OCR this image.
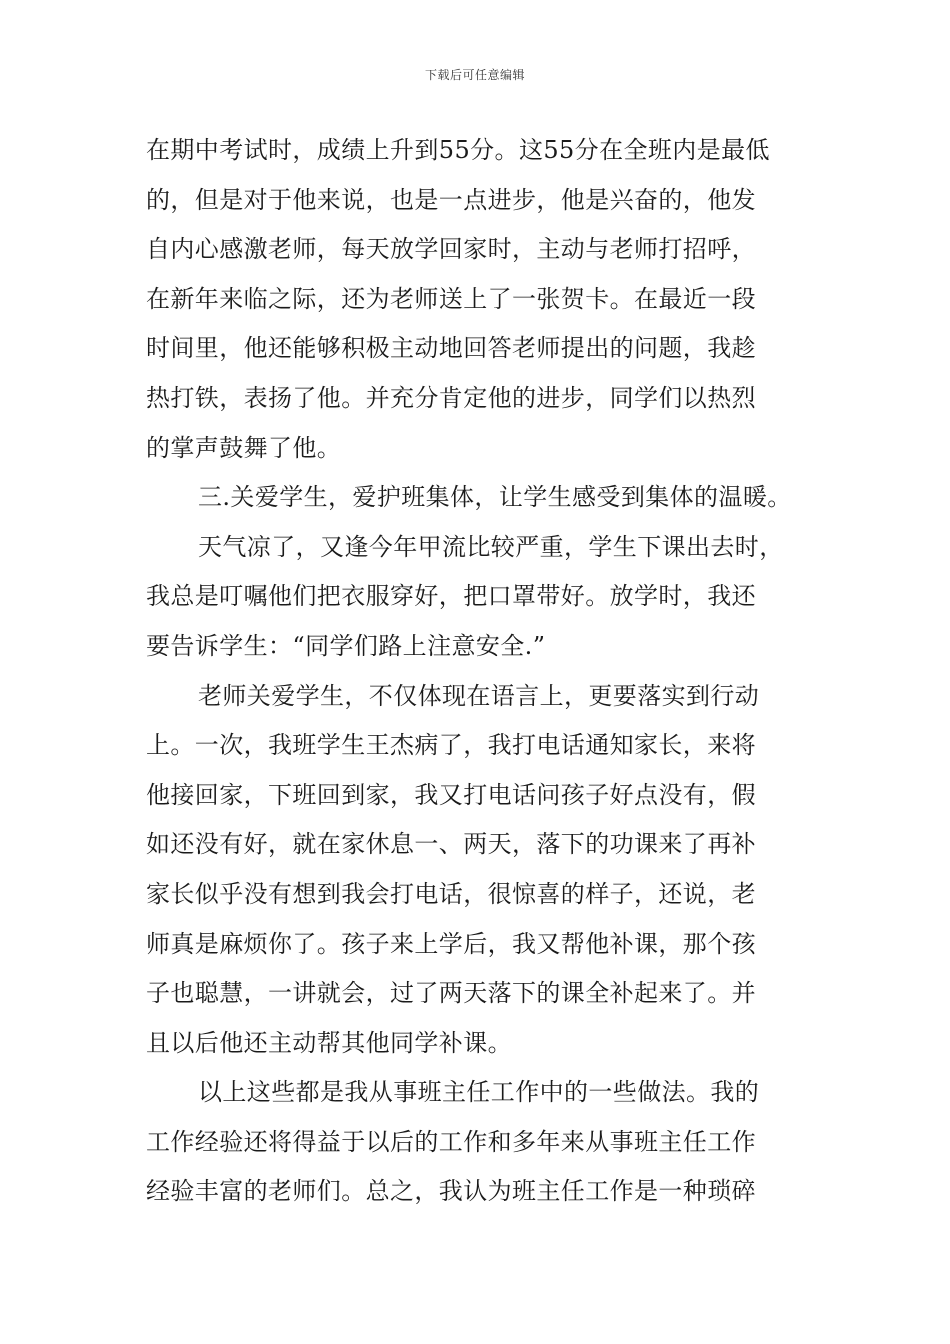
下载后可任意编辑
在期中考试时，成绩上升到55分。这55分在全班内是最低
的，但是对于他来说，也是一点进步，他是兴奋的，他发
自内心感激老师，每天放学回家时，主动与老师打招呼，
在新年来临之际，还为老师送上了一张贺卡。在最近一段
时间里，他还能够积极主动地回答老师提出的问题，我趁
热打铁，表扬了他。并充分肯定他的进步，同学们以热烈
的掌声鼓舞了他。
三.关爱学生，爱护班集体，让学生感受到集体的温暖。
天气凉了，又逢今年甲流比较严重，学生下课出去时，
我总是叮嘱他们把衣服穿好，把口罩带好。放学时，我还
要告诉学生：“同学们路上注意安全.”
老师关爱学生，不仅体现在语言上，更要落实到行动
上。一次，我班学生王杰病了，我打电话通知家长，来将
他接回家，下班回到家，我又打电话问孩子好点没有，假
如还没有好，就在家休息一、两天，落下的功课来了再补
家长似乎没有想到我会打电话，很惊喜的样子，还说，老
师真是麻烦你了。孩子来上学后，我又帮他补课，那个孩
子也聪慧，一讲就会，过了两天落下的课全补起来了。并
且以后他还主动帮其他同学补课。
以上这些都是我从事班主任工作中的一些做法。我的
工作经验还将得益于以后的工作和多年来从事班主任工作
经验丰富的老师们。总之，我认为班主任工作是一种琐碎
